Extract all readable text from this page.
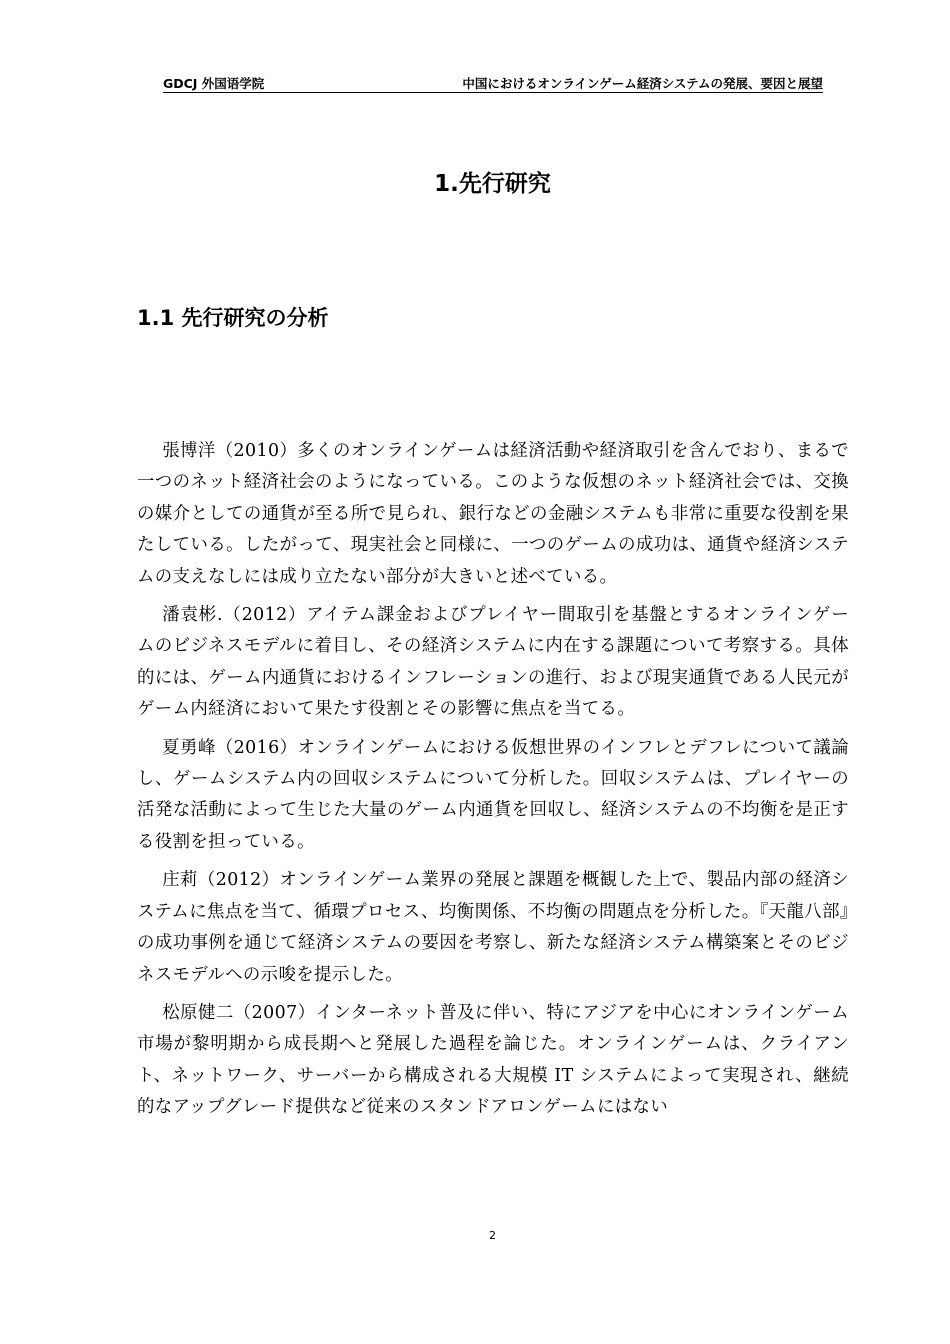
GDCJ 外国语学院	中国におけるオンラインゲーム経済システムの発展、要因と展望
1.先行研究
1.1 先行研究の分析

張博洋（2010）多くのオンラインゲームは経済活動や経済取引を含んでおり、まるで一つのネット経済社会のようになっている。このような仮想のネット経済社会では、交換の媒介としての通貨が至る所で見られ、銀行などの金融システムも非常に重要な役割を果たしている。したがって、現実社会と同様に、一つのゲームの成功は、通貨や経済システムの支えなしには成り立たない部分が大きいと述べている。

潘袁彬.（2012）アイテム課金およびプレイヤー間取引を基盤とするオンラインゲームのビジネスモデルに着目し、その経済システムに内在する課題について考察する。具体的には、ゲーム内通貨におけるインフレーションの進行、および現実通貨である人民元がゲーム内経済において果たす役割とその影響に焦点を当てる。

夏勇峰（2016）オンラインゲームにおける仮想世界のインフレとデフレについて議論し、ゲームシステム内の回収システムについて分析した。回収システムは、プレイヤーの活発な活動によって生じた大量のゲーム内通貨を回収し、経済システムの不均衡を是正する役割を担っている。

庄莉（2012）オンラインゲーム業界の発展と課題を概観した上で、製品内部の経済システムに焦点を当て、循環プロセス、均衡関係、不均衡の問題点を分析した。『天龍八部』の成功事例を通じて経済システムの要因を考察し、新たな経済システム構築案とそのビジネスモデルへの示唆を提示した。

松原健二（2007）インターネット普及に伴い、特にアジアを中心にオンラインゲーム市場が黎明期から成長期へと発展した過程を論じた。オンラインゲームは、クライアント、ネットワーク、サーバーから構成される大規模 IT システムによって実現され、継続的なアップグレード提供など従来のスタンドアロンゲームにはない

2
